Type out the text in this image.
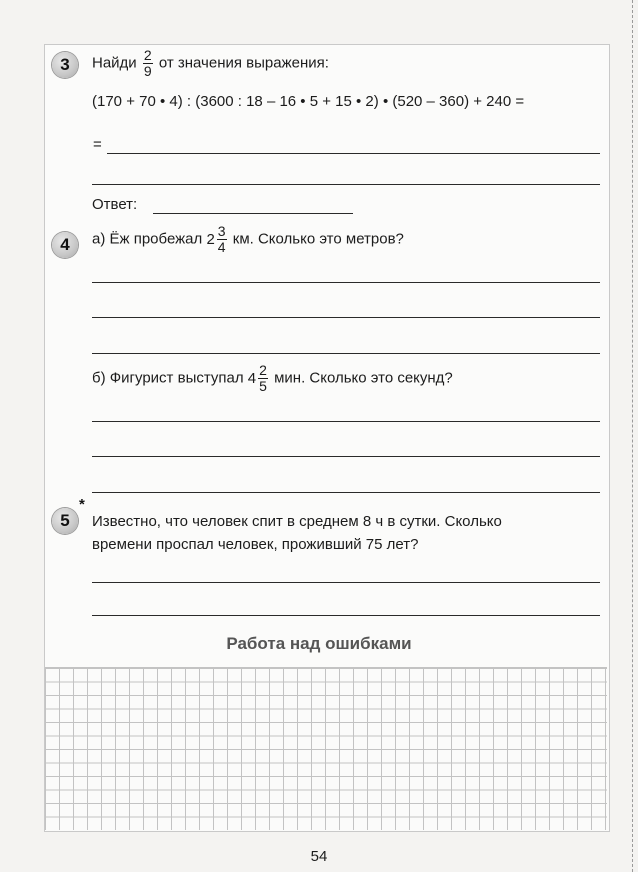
3	Найди $\frac{2}{9}$ от значения выражения:
(170 + 70 • 4) : (3600 : 18 – 16 • 5 + 15 • 2) • (520 – 360) + 240 =
=
Ответ:
4	а) Ёж пробежал $2 \frac{3}{4}$ км. Сколько это метров?
б) Фигурист выступал $4 \frac{2}{5}$ мин. Сколько это секунд?
*
5	Известно, что человек спит в среднем 8 ч в сутки. Сколько
времени проспал человек, проживший 75 лет?
Работа над ошибками
54
